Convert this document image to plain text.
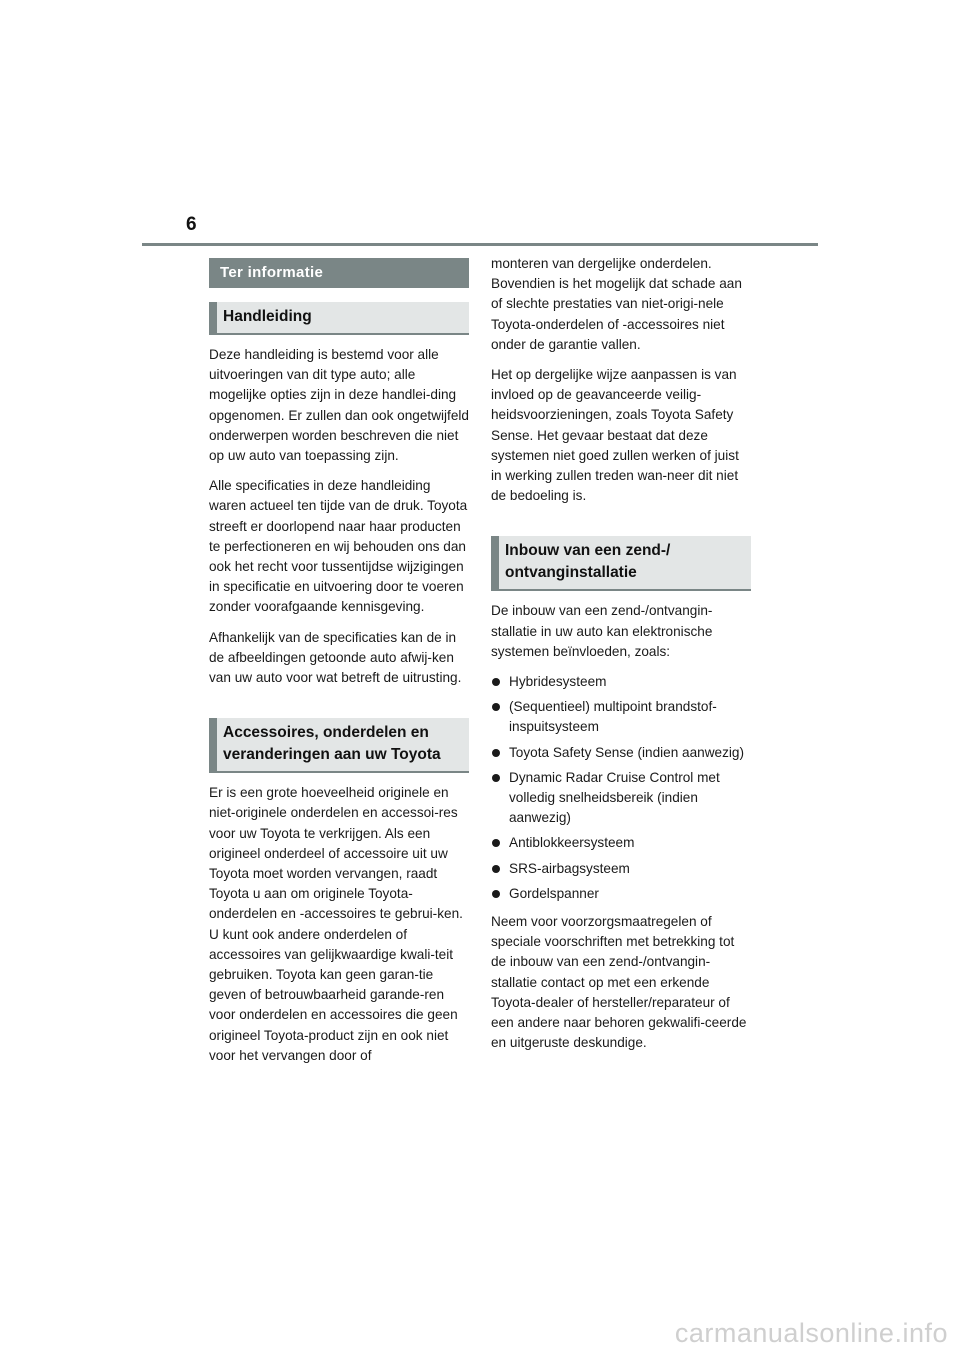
6
Ter informatie
Handleiding

Deze handleiding is bestemd voor alle uitvoeringen van dit type auto; alle mogelijke opties zijn in deze handlei-ding opgenomen. Er zullen dan ook ongetwijfeld onderwerpen worden beschreven die niet op uw auto van toepassing zijn.

Alle specificaties in deze handleiding waren actueel ten tijde van de druk. Toyota streeft er doorlopend naar haar producten te perfectioneren en wij behouden ons dan ook het recht voor tussentijdse wijzigingen in specificatie en uitvoering door te voeren zonder voorafgaande kennisgeving.

Afhankelijk van de specificaties kan de in de afbeeldingen getoonde auto afwij-ken van uw auto voor wat betreft de uitrusting.

Accessoires, onderdelen en veranderingen aan uw Toyota

Er is een grote hoeveelheid originele en niet-originele onderdelen en accessoi-res voor uw Toyota te verkrijgen. Als een origineel onderdeel of accessoire uit uw Toyota moet worden vervangen, raadt Toyota u aan om originele Toyota-onderdelen en -accessoires te gebrui-ken. U kunt ook andere onderdelen of accessoires van gelijkwaardige kwali-teit gebruiken. Toyota kan geen garan-tie geven of betrouwbaarheid garande-ren voor onderdelen en accessoires die geen origineel Toyota-product zijn en ook niet voor het vervangen door of

monteren van dergelijke onderdelen. Bovendien is het mogelijk dat schade aan of slechte prestaties van niet-origi-nele Toyota-onderdelen of -accessoires niet onder de garantie vallen.

Het op dergelijke wijze aanpassen is van invloed op de geavanceerde veilig-heidsvoorzieningen, zoals Toyota Safety Sense. Het gevaar bestaat dat deze systemen niet goed zullen werken of juist in werking zullen treden wan-neer dit niet de bedoeling is.

Inbouw van een zend-/ ontvanginstallatie

De inbouw van een zend-/ontvangin-stallatie in uw auto kan elektronische systemen beïnvloeden, zoals:

Hybridesysteem
(Sequentieel) multipoint brandstof-inspuitsysteem
Toyota Safety Sense (indien aanwezig)
Dynamic Radar Cruise Control met volledig snelheidsbereik (indien aanwezig)
Antiblokkeersysteem
SRS-airbagsysteem
Gordelspanner

Neem voor voorzorgsmaatregelen of speciale voorschriften met betrekking tot de inbouw van een zend-/ontvangin-stallatie contact op met een erkende Toyota-dealer of hersteller/reparateur of een andere naar behoren gekwalifi-ceerde en uitgeruste deskundige.

carmanualsonline.info
